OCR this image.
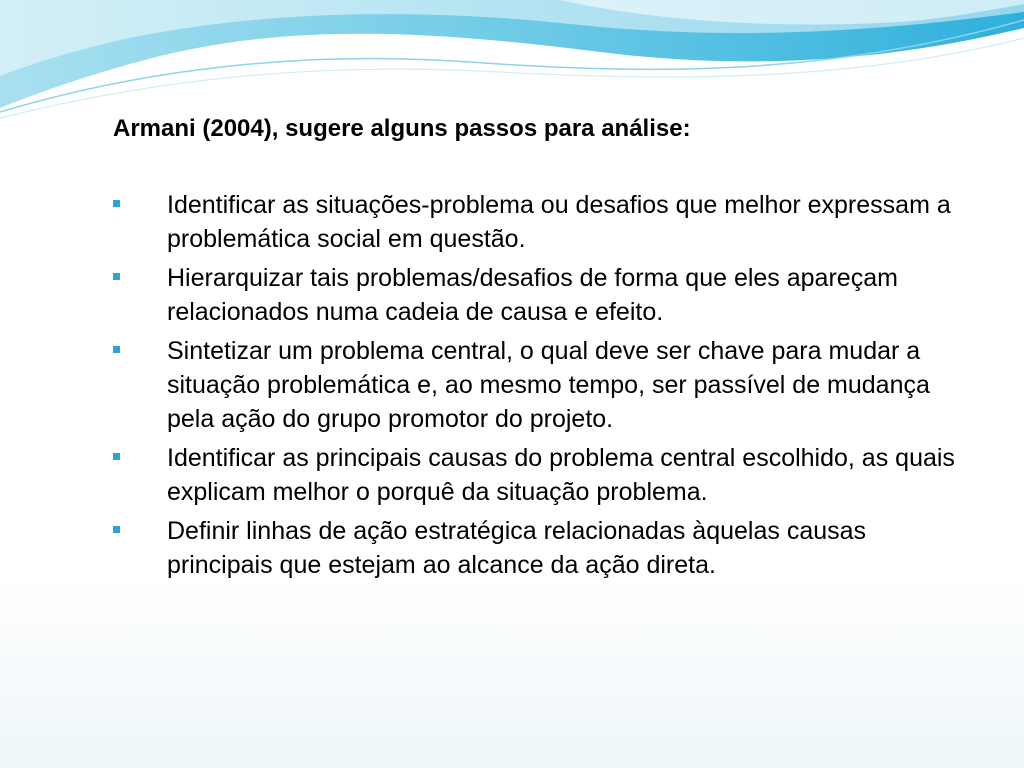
Armani (2004), sugere alguns passos para análise:
Identificar as situações-problema ou desafios que melhor expressam a problemática social em questão.
Hierarquizar tais problemas/desafios de forma que eles apareçam relacionados numa cadeia de causa e efeito.
Sintetizar um problema central, o qual deve ser chave para mudar a situação problemática e, ao mesmo tempo, ser passível de mudança pela ação do grupo promotor do projeto.
Identificar as principais causas do problema central escolhido, as quais explicam melhor o porquê da situação problema.
Definir linhas de ação estratégica relacionadas àquelas causas principais que estejam ao alcance da ação direta.
